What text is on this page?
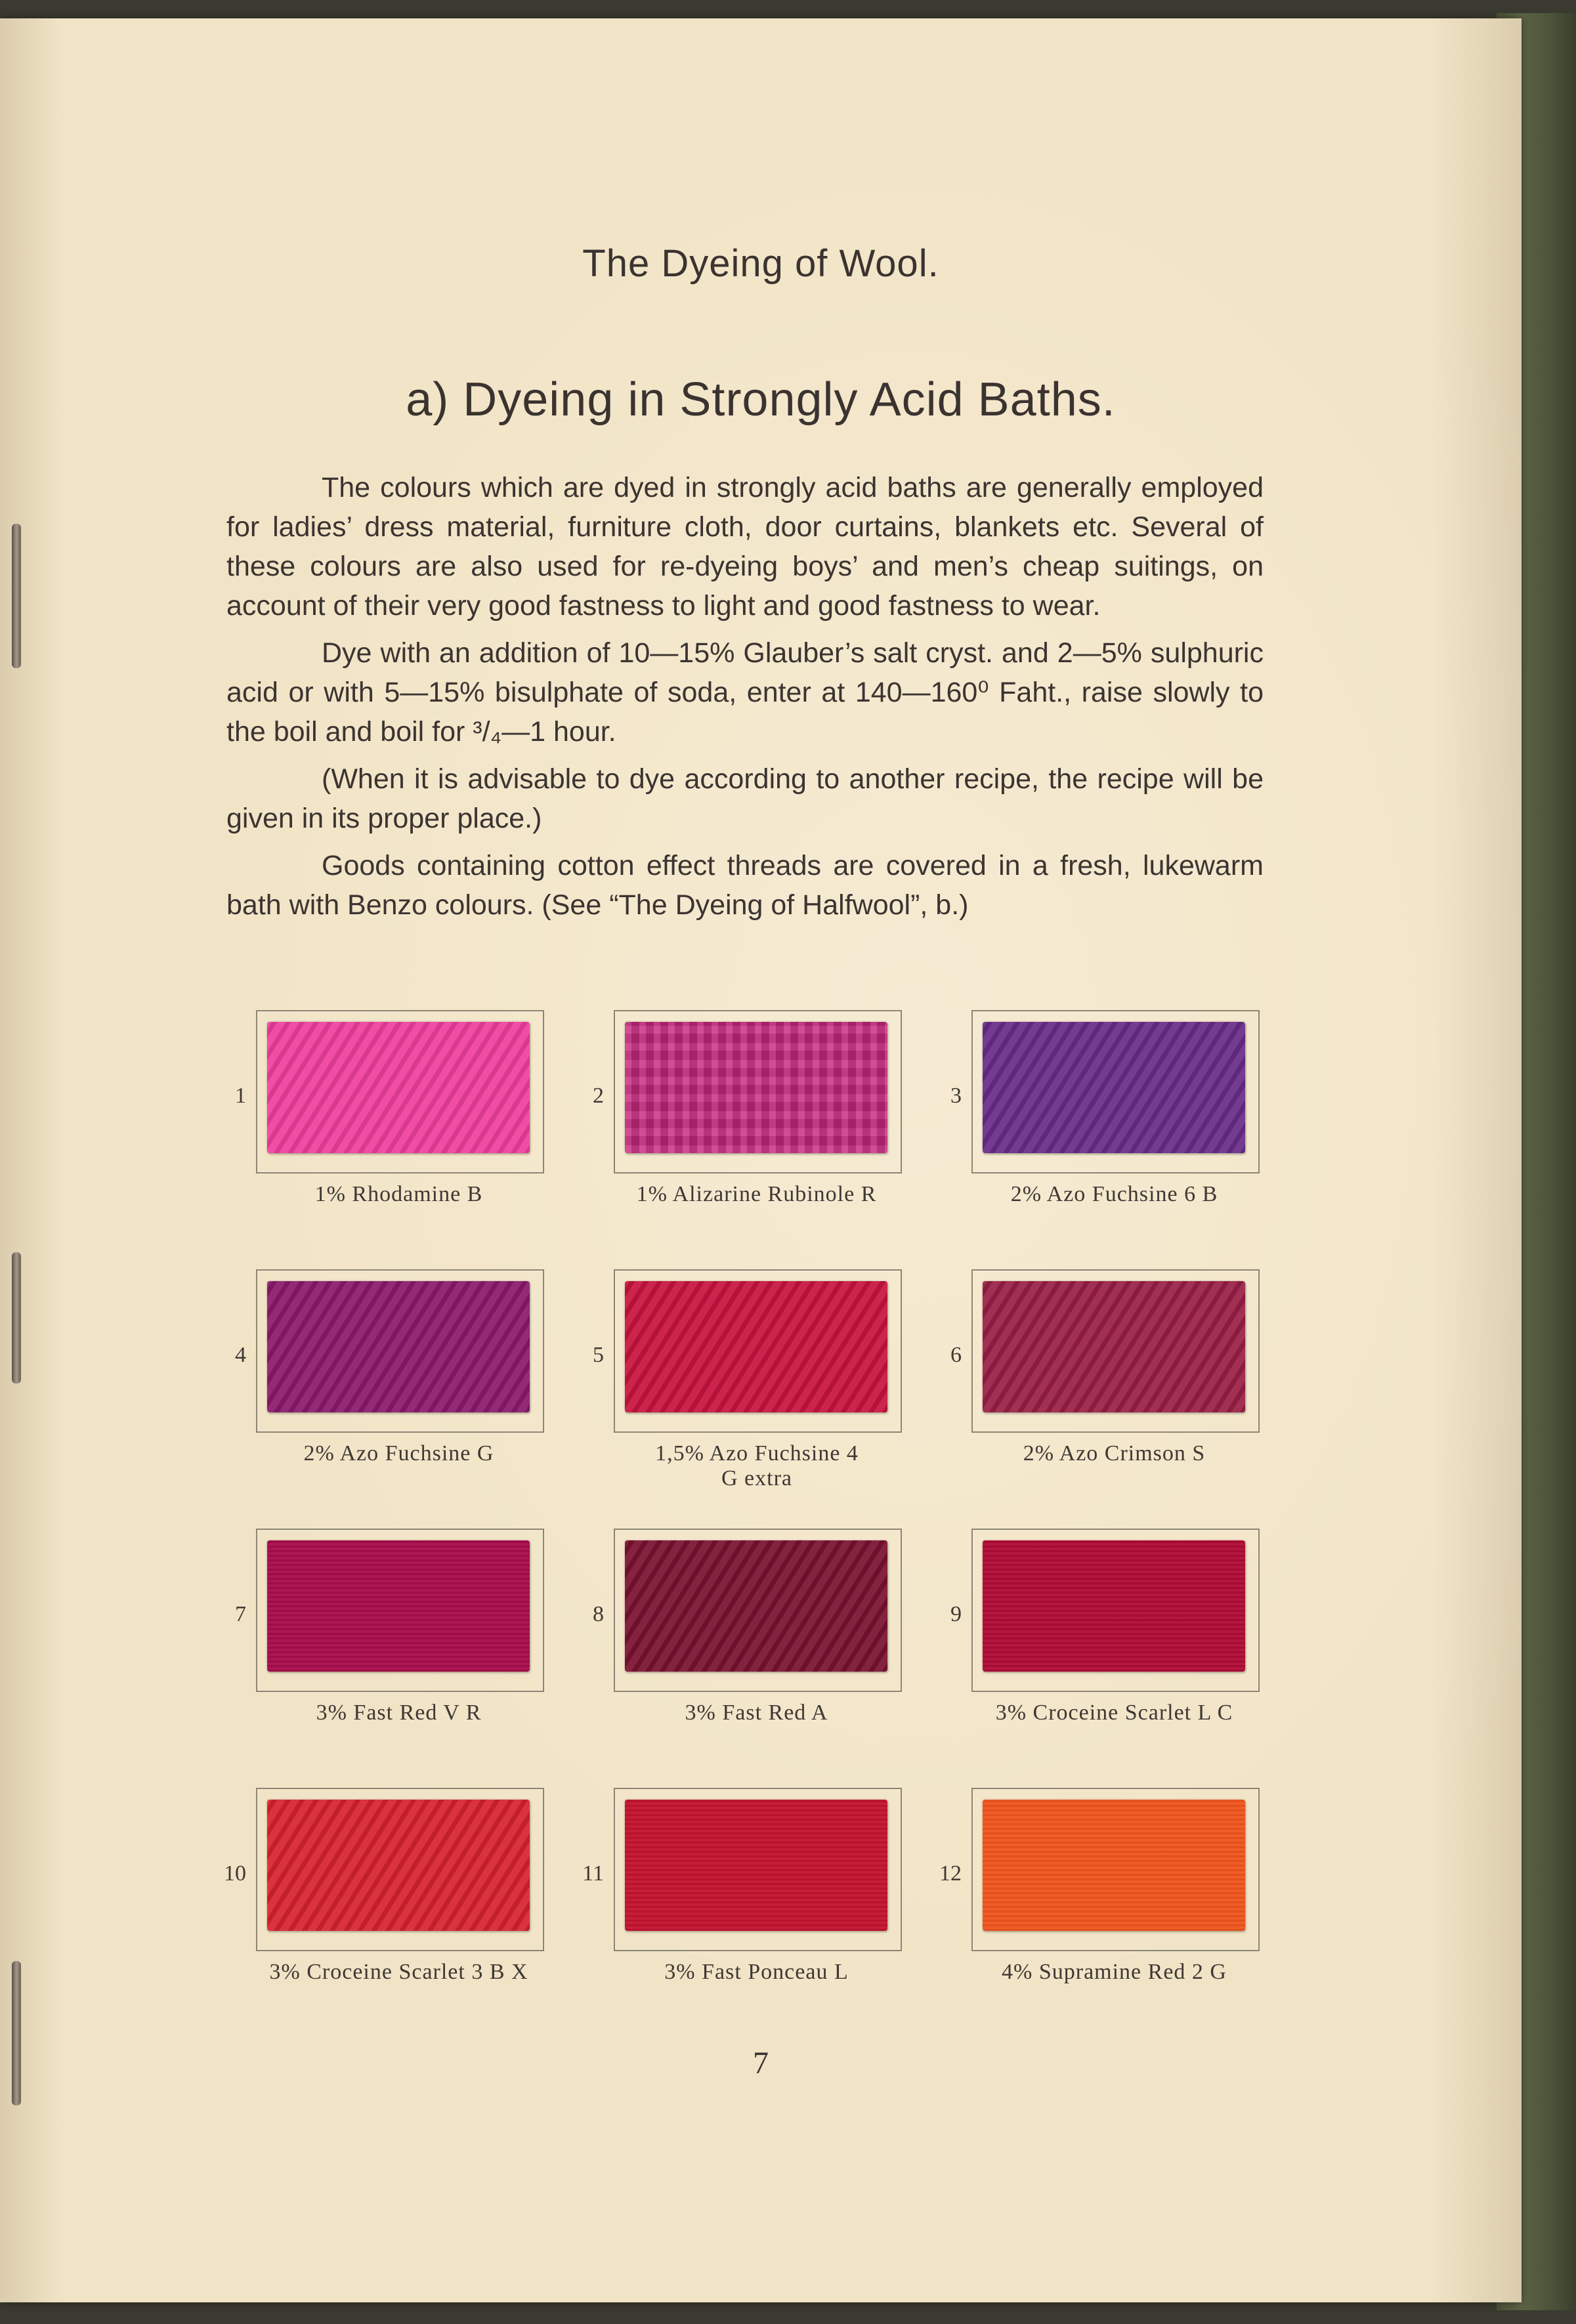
The Dyeing of Wool.
a) Dyeing in Strongly Acid Baths.

The colours which are dyed in strongly acid baths are generally employed for ladies’ dress material, furniture cloth, door curtains, blankets etc. Several of these colours are also used for re-dyeing boys’ and men’s cheap suitings, on account of their very good fastness to light and good fastness to wear.

Dye with an addition of 10—15% Glauber’s salt cryst. and 2—5% sulphuric acid or with 5—15% bisulphate of soda, enter at 140—160⁰ Faht., raise slowly to the boil and boil for ³/₄—1 hour.

(When it is advisable to dye according to another recipe, the recipe will be given in its proper place.)

Goods containing cotton effect threads are covered in a fresh, lukewarm bath with Benzo colours. (See “The Dyeing of Halfwool”, b.)

1
1% Rhodamine B
2
1% Alizarine Rubinole R
3
2% Azo Fuchsine 6 B
4
2% Azo Fuchsine G
5
1,5% Azo Fuchsine 4 G extra
6
2% Azo Crimson S
7
3% Fast Red V R
8
3% Fast Red A
9
3% Croceine Scarlet L C
10
3% Croceine Scarlet 3 B X
11
3% Fast Ponceau L
12
4% Supramine Red 2 G
7
